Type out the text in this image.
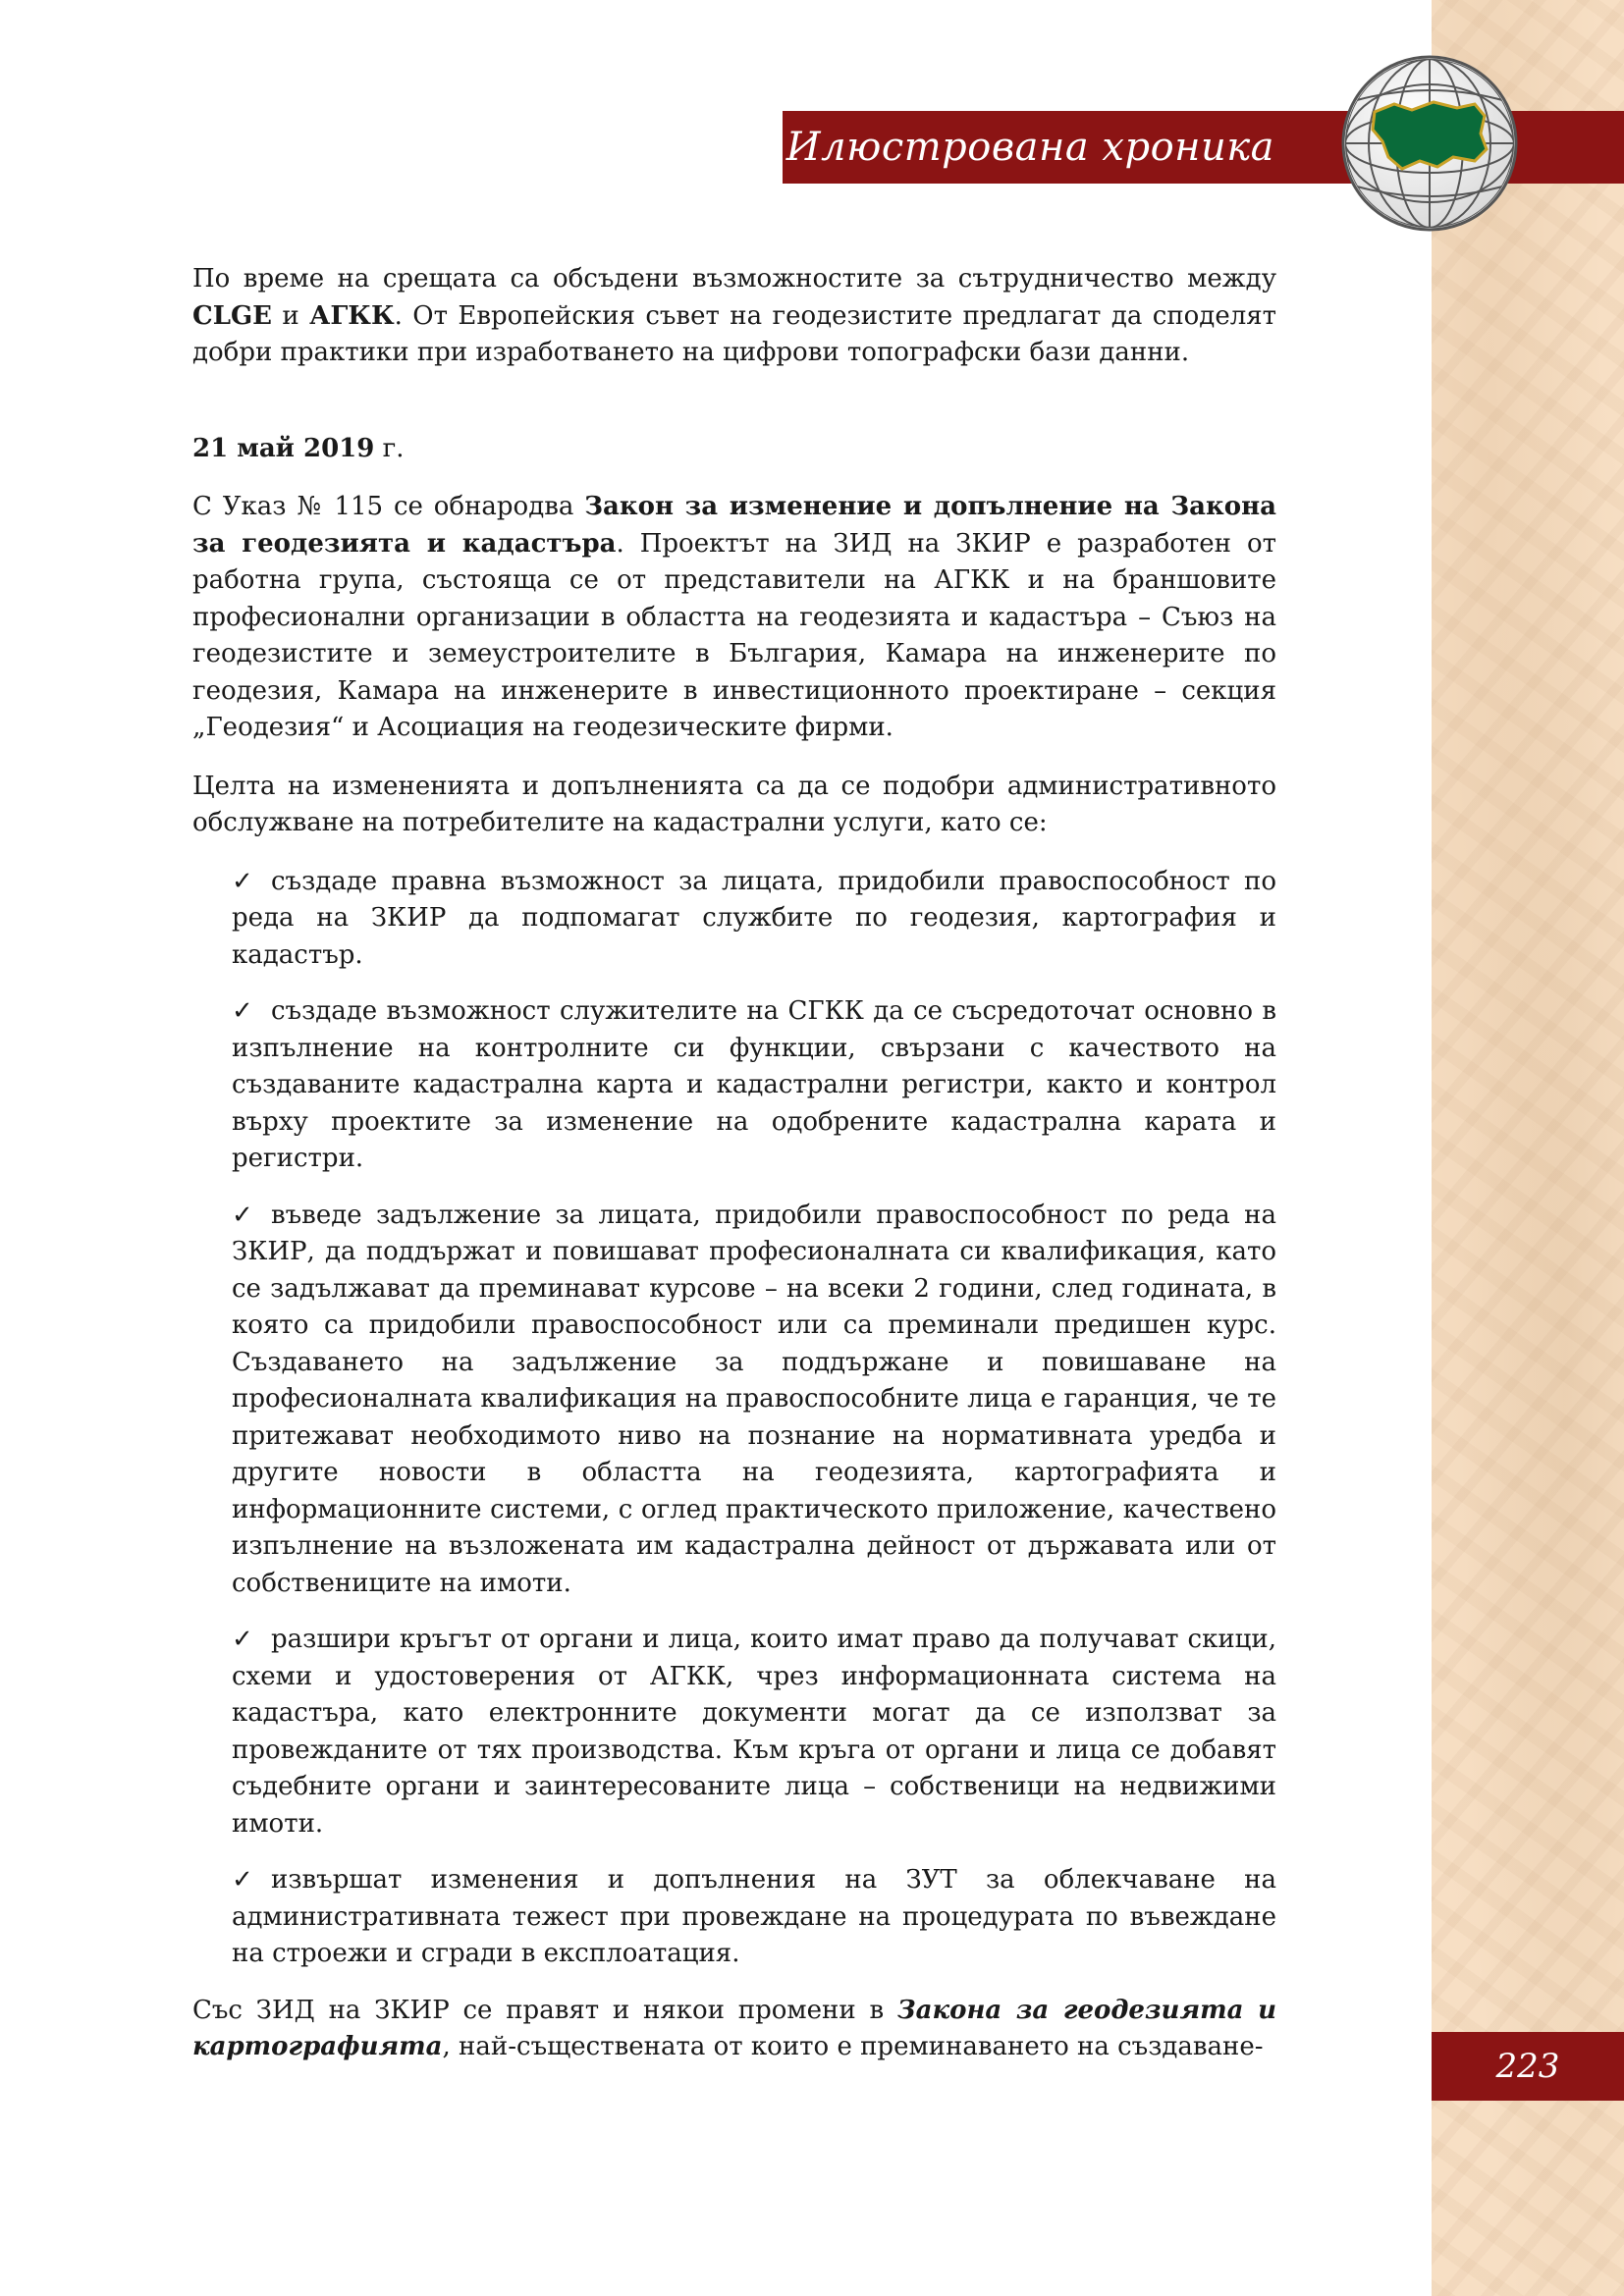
Илюстрована хроника

По време на срещата са обсъдени възможностите за сътрудничество между CLGE и АГКК. От Европейския съвет на геодезистите предлагат да споделят добри практики при изработването на цифрови топографски бази данни.

21 май 2019 г.

С Указ № 115 се обнародва Закон за изменение и допълнение на Закона за геодезията и кадастъра. Проектът на ЗИД на ЗКИР е разработен от работна група, състояща се от представители на АГКК и на браншовите професионални организации в областта на геодезията и кадастъра – Съюз на геодезистите и земеустроителите в България, Камара на инженерите по геодезия, Камара на инженерите в инвестиционното проектиране – секция „Геодезия“ и Асоциация на геодезическите фирми.

Целта на измененията и допълненията са да се подобри административното обслужване на потребителите на кадастрални услуги, като се:

✓ създаде правна възможност за лицата, придобили правоспособност по реда на ЗКИР да подпомагат службите по геодезия, картография и кадастър.
✓ създаде възможност служителите на СГКК да се съсредоточат основно в изпълнение на контролните си функции, свързани с качеството на създаваните кадастрална карта и кадастрални регистри, както и контрол върху проектите за изменение на одобрените кадастрална карата и регистри.
✓ въведе задължение за лицата, придобили правоспособност по реда на ЗКИР, да поддържат и повишават професионалната си квалификация, като се задължават да преминават курсове – на всеки 2 години, след годината, в която са придобили правоспособност или са преминали предишен курс. Създаването на задължение за поддържане и повишаване на професионалната квалификация на правоспособните лица е гаранция, че те притежават необходимото ниво на познание на нормативната уредба и другите новости в областта на геодезията, картографията и информационните системи, с оглед практическото приложение, качествено изпълнение на възложената им кадастрална дейност от държавата или от собствениците на имоти.
✓ разшири кръгът от органи и лица, които имат право да получават скици, схеми и удостоверения от АГКК, чрез информационната система на кадастъра, като електронните документи могат да се използват за провежданите от тях производства. Към кръга от органи и лица се добавят съдебните органи и заинтересованите лица – собственици на недвижими имоти.
✓ извършат изменения и допълнения на ЗУТ за облекчаване на административната тежест при провеждане на процедурата по въвеждане на строежи и сгради в експлоатация.

Със ЗИД на ЗКИР се правят и някои промени в Закона за геодезията и картографията, най-съществената от които е преминаването на създаване-	223
